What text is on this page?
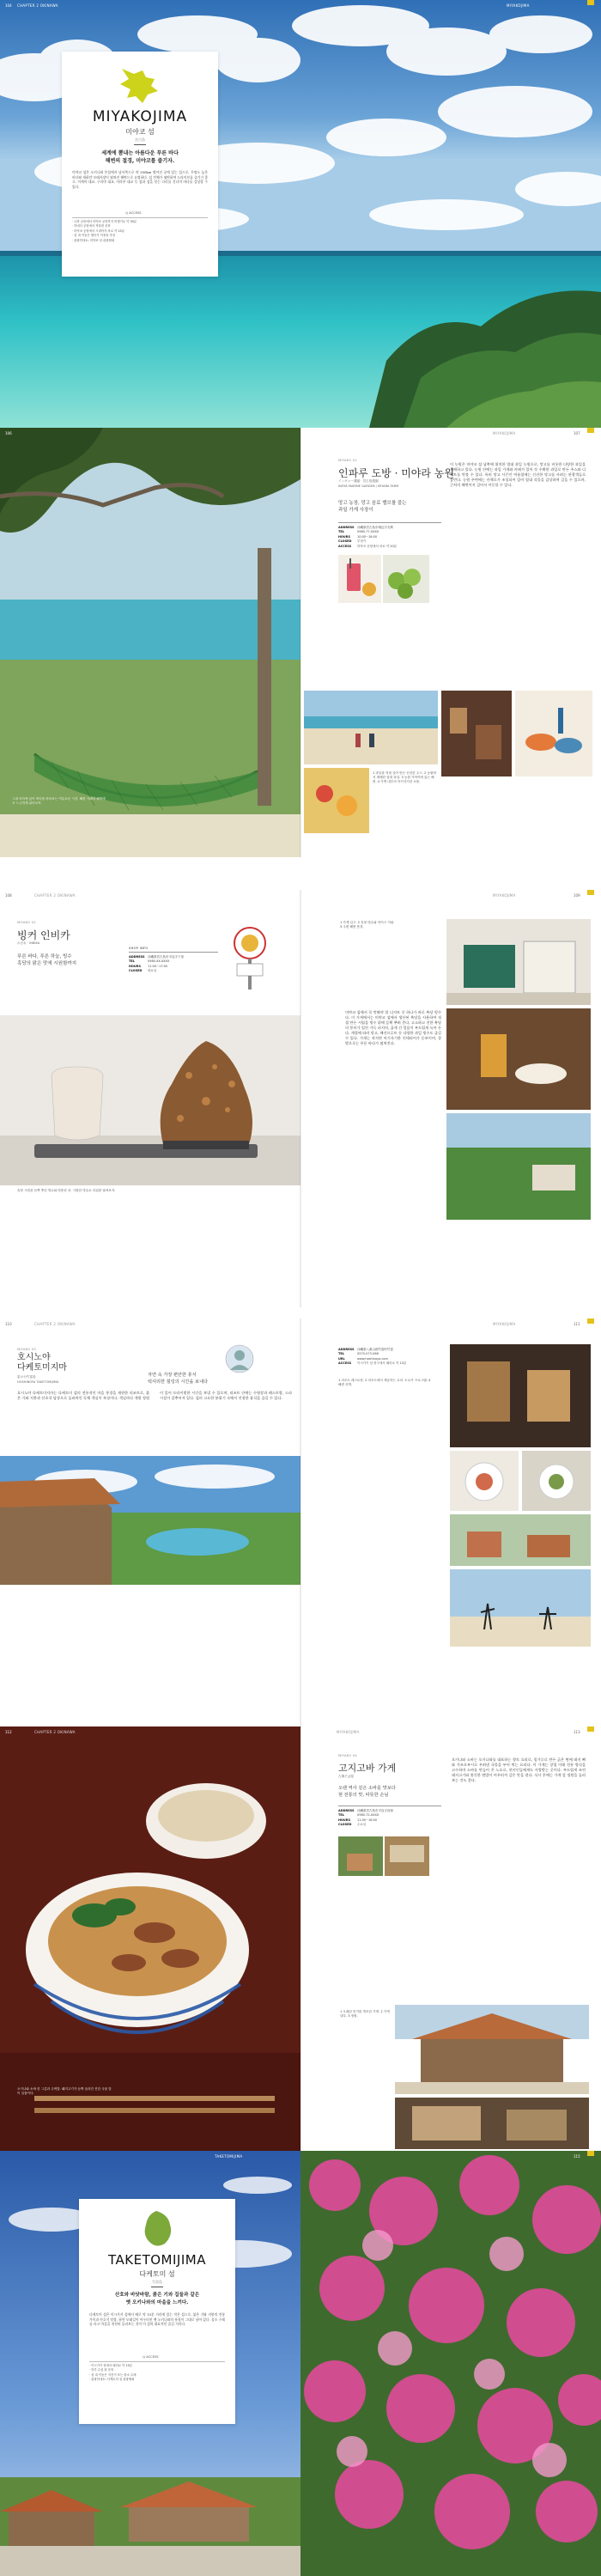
CHAPTER 2 OKINAWA
104	MIYAKOJIMA
MIYAKOJIMA
미야코 섬
宮古島
세계에 뽐내는 아름다운 푸른 바다
해변의 절경, 미야코를 즐기자.
미야코 섬은 오키나와 본섬에서 남서쪽으로 약 300km 떨어진 곳에 있는 섬으로, 투명도 높은 바다와 새하얀 모래사장이 펼쳐진 해변으로 유명하다. 섬 전체가 평탄하여 드라이브를 즐기기 좋고, 이케마 대교, 구리마 대교, 이라부 대교 등 섬과 섬을 잇는 다리를 건너며 바다를 감상할 수 있다.
◷ ACCESS
· 나하 공항에서 미야코 공항까지 비행기로 약 50분
· 하네다 공항에서 직항편 운항
· 미야코 공항에서 시내까지 차로 약 15분
· 섬 내 이동은 렌터카 이용을 추천
· 관광안내소: 미야코 섬 관광협회
106
그네 의자에 앉아 바다를 바라보는 여유로운 시간. 해변 카페의 해먹에서 느긋하게 쉬어보자.
MIYAKOJIMA	107
MIYAKO 01
인파루 도방 · 미야라 농원
インギャー農園 · 宮古島農園
INGYA MARINE GARDEN / MIYARA FARM
망고 농장, 망고 음료 밸브를 즐는
과일 가게 사장이
ADDRESS 沖縄県宮古島市城辺字友利
TEL	0980-77-XXXX
HOURS 10:00~18:00
CLOSED 부정기
ACCESS 미야코 공항에서 차로 약 20분
이 농원은 미야코 섬 남쪽에 위치한 열대 과일 농원으로, 망고를 비롯한 다양한 과일을 재배하고 있다. 농원 안에는 과일 가게와 카페가 있어 갓 수확한 과일로 만든 주스와 디저트를 맛볼 수 있다. 특히 망고 시즌인 여름철에는 신선한 망고를 사려는 관광객들로 붐빈다. 농원 주변에는 산책로가 조성되어 있어 열대 식물을 감상하며 걸을 수 있으며, 근처의 해변까지 걸어서 이동할 수 있다.
1 과일을 직접 갈아 만든 신선한 주스. 2 농원에서 재배한 열대 과일. 3 농원 가까이에 있는 해변. 4 가게 내부의 아기자기한 소품.
108	CHAPTER 2 OKINAWA
MIYAKO 02
빙커 인비카
かき氷 · INBIKA
푸른 바다, 푸른 하늘, 빙수
흑당의 맑은 맛에 시원함까지
SHOP INFO
ADDRESS 沖縄県宮古島市平良字下里
TEL	0980-XX-XXXX
HOURS 11:00~17:00
CLOSED 화요일
흑당 시럽을 듬뿍 뿌린 빙수와 따뜻한 차. 시원한 빙수로 더위를 날려보자.
MIYAKOJIMA	109
1 가게 입구. 2 흑당 빙수와 아이스 커피. 3 주변 해변 풍경.
미야코 섬에서 꼭 맛봐야 할 디저트 중 하나가 바로 흑당 빙수다. 이 가게에서는 미야코 섬에서 생산된 흑당을 사용하여 직접 만든 시럽을 빙수 위에 듬뿍 뿌려 준다. 고소하고 진한 흑당의 풍미가 입안 가득 퍼지며, 곱게 간 얼음이 부드럽게 녹아 든다. 계절에 따라 망고, 패션프루트 등 다양한 과일 빙수도 즐길 수 있다. 가게는 작지만 아기자기한 인테리어가 돋보이며, 창밖으로는 푸른 바다가 펼쳐진다.
110	CHAPTER 2 OKINAWA
MIYAKO 03
호시노야
다케토미지마
星のや竹富島
HOSHINOYA TAKETOMIJIMA
자연 속 가장 편안한 휴식
럭셔리한 힐링의 시간을 보내다
호시노야 다케토미지마는 다케토미 섬의 전통적인 마을 풍경을 재현한 리조트로, 붉은 기와 지붕과 산호석 담장으로 둘러싸인 독채 객실이 특징이다. 객실마다 개별 정원이 있어 프라이빗한 시간을 보낼 수 있으며, 리조트 안에는 수영장과 레스토랑, 스파 시설이 갖추어져 있다. 섬의 고요한 분위기 속에서 진정한 휴식을 즐길 수 있다.
MIYAKOJIMA	111
ADDRESS 沖縄県八重山郡竹富町竹富
TEL	0570-073-066
URL	www.hoshinoya.com
ACCESS 이시가키 섬 항구에서 페리로 약 15분
1 리조트 레스토랑. 2 리조트에서 제공하는 요리. 3 요가 프로그램. 4 해변 산책.
112	CHAPTER 2 OKINAWA
오키나와 소바 한 그릇과 주먹밥. 돼지고기가 듬뿍 올라간 진한 국물 맛이 일품이다.
MIYAKOJIMA	113
MIYAKO 04
고지고바 가게
古謝そば屋
오랜 역사 깊은 소바를 맛보다
현 전통의 맛, 따뜻한 손님
ADDRESS 沖縄県宮古島市平良字西里
TEL	0980-72-XXXX
HOURS 11:00~16:00
CLOSED 수요일
오키나와 소바는 오키나와를 대표하는 향토 요리로, 밀가루로 만든 굵은 면에 돼지 뼈와 가쓰오부시로 우려낸 국물을 부어 먹는 요리다. 이 가게는 창업 이래 전통 방식을 고수하며 소바를 만들어 온 노포로, 현지인들에게도 사랑받는 곳이다. 부드럽게 조린 돼지고기와 쫄깃한 면발이 어우러져 깊은 맛을 낸다. 식사 후에는 가게 앞 정원을 둘러보는 것도 좋다.
1 오래된 민가를 개조한 가게. 2 가게 내부. 3 정원.
TAKETOMIJIMA	115
TAKETOMIJIMA
다케토미 섬
竹富島
산호와 바닷바람, 붉은 기와 집들과 같은
옛 오키나와의 마을을 느끼다.
다케토미 섬은 이시가키 섬에서 배로 약 15분 거리에 있는 작은 섬으로, 붉은 기와 지붕의 전통 가옥과 산호석 담장, 하얀 모래길이 어우러진 옛 오키나와의 풍경이 그대로 남아 있다. 물소 수레를 타고 마을을 천천히 둘러보는 것이 이 섬의 대표적인 즐길 거리다.
◷ ACCESS
· 이시가키 항에서 페리로 약 15분
· 하루 수십 편 운항
· 섬 내 이동은 자전거 또는 물소 수레
· 관광안내소: 다케토미 섬 관광협회
